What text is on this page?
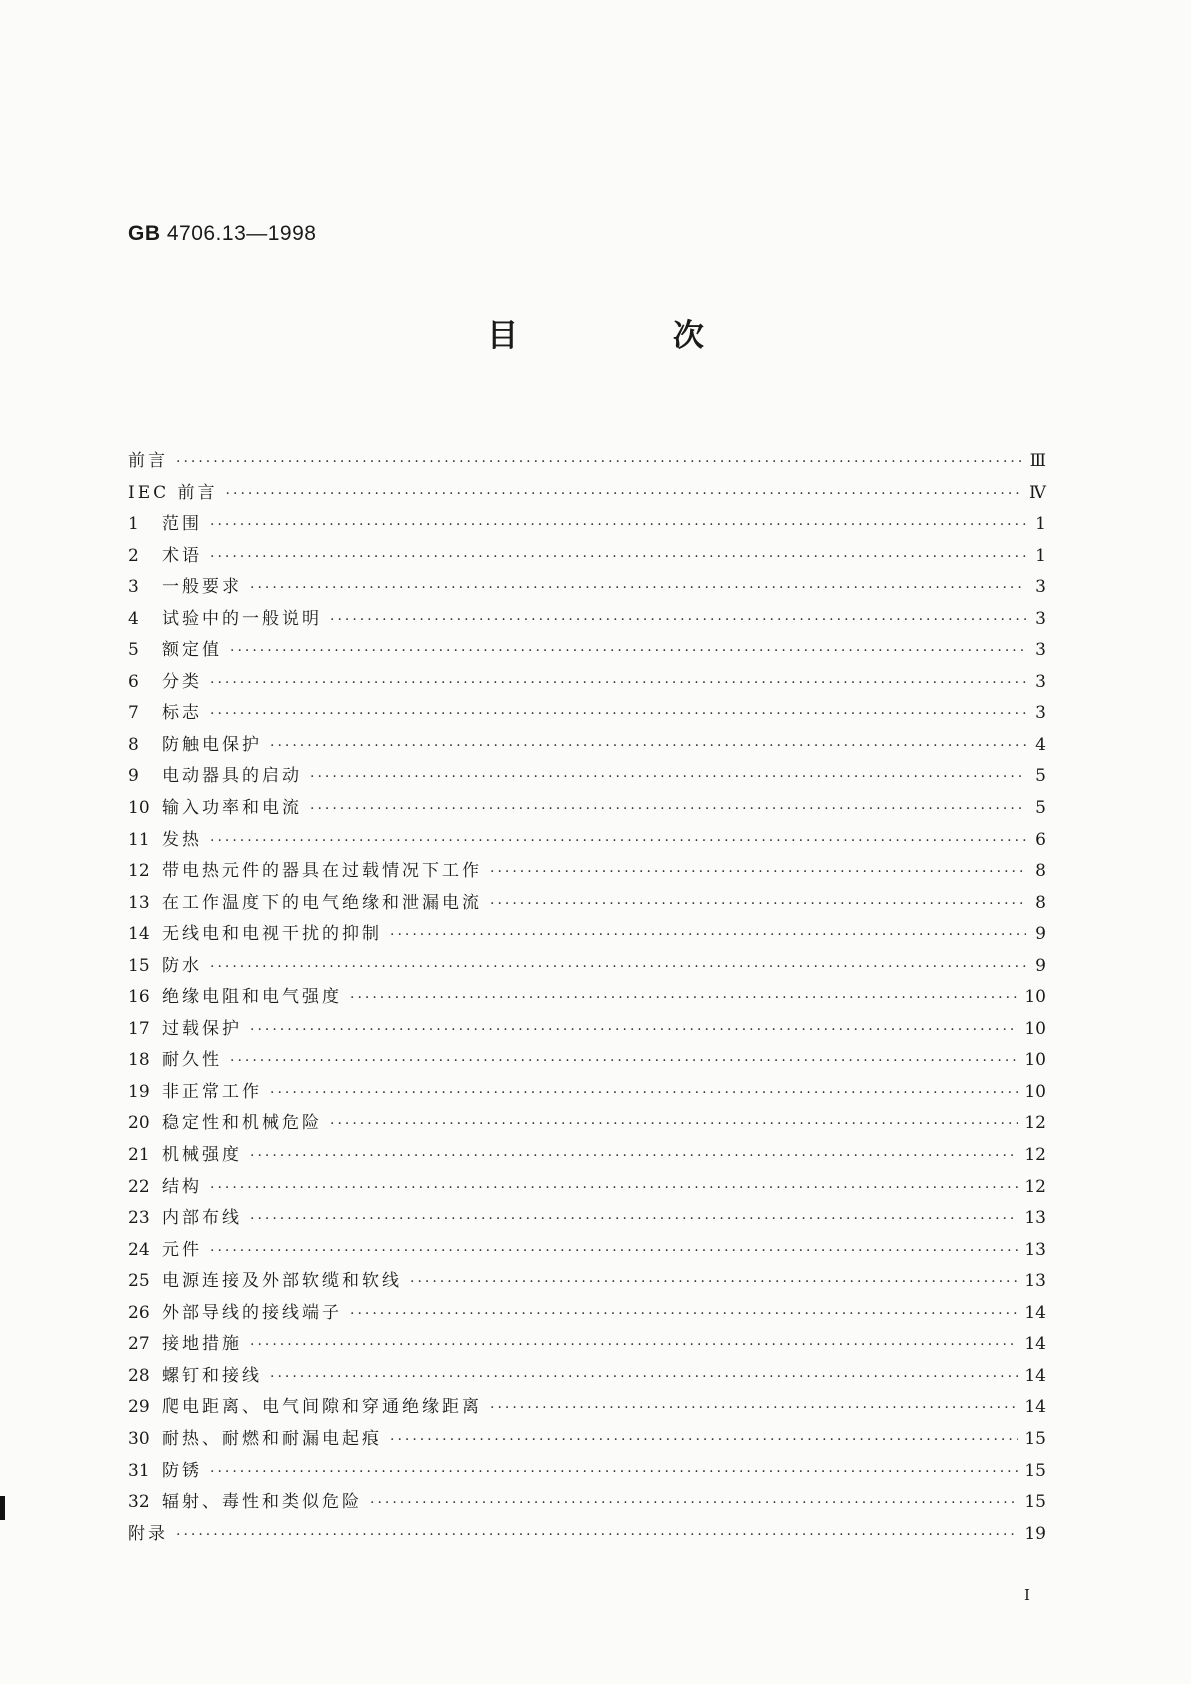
GB 4706.13—1998
目 次
前言 ·····	Ⅲ
IEC 前言 ·····	Ⅳ
1	范围 ·····	1
2	术语 ·····	1
3	一般要求 ·····	3
4	试验中的一般说明 ·····	3
5	额定值 ·····	3
6	分类 ·····	3
7	标志 ·····	3
8	防触电保护 ·····	4
9	电动器具的启动 ·····	5
10 输入功率和电流 ·····	5
11 发热 ·····	6
12 带电热元件的器具在过载情况下工作 ·····	8
13 在工作温度下的电气绝缘和泄漏电流 ·····	8
14 无线电和电视干扰的抑制 ·····	9
15 防水 ·····	9
16 绝缘电阻和电气强度 ·····	10
17 过载保护 ·····	10
18 耐久性 ·····	10
19 非正常工作 ·····	10
20 稳定性和机械危险 ·····	12
21 机械强度 ·····	12
22 结构 ·····	12
23 内部布线 ·····	13
24 元件 ·····	13
25 电源连接及外部软缆和软线 ·····	13
26 外部导线的接线端子 ·····	14
27 接地措施 ·····	14
28 螺钉和接线 ·····	14
29 爬电距离、电气间隙和穿通绝缘距离 ·····	14
30 耐热、耐燃和耐漏电起痕 ·····	15
31 防锈 ·····	15
32 辐射、毒性和类似危险 ·····	15
附录 ·····	19
I
